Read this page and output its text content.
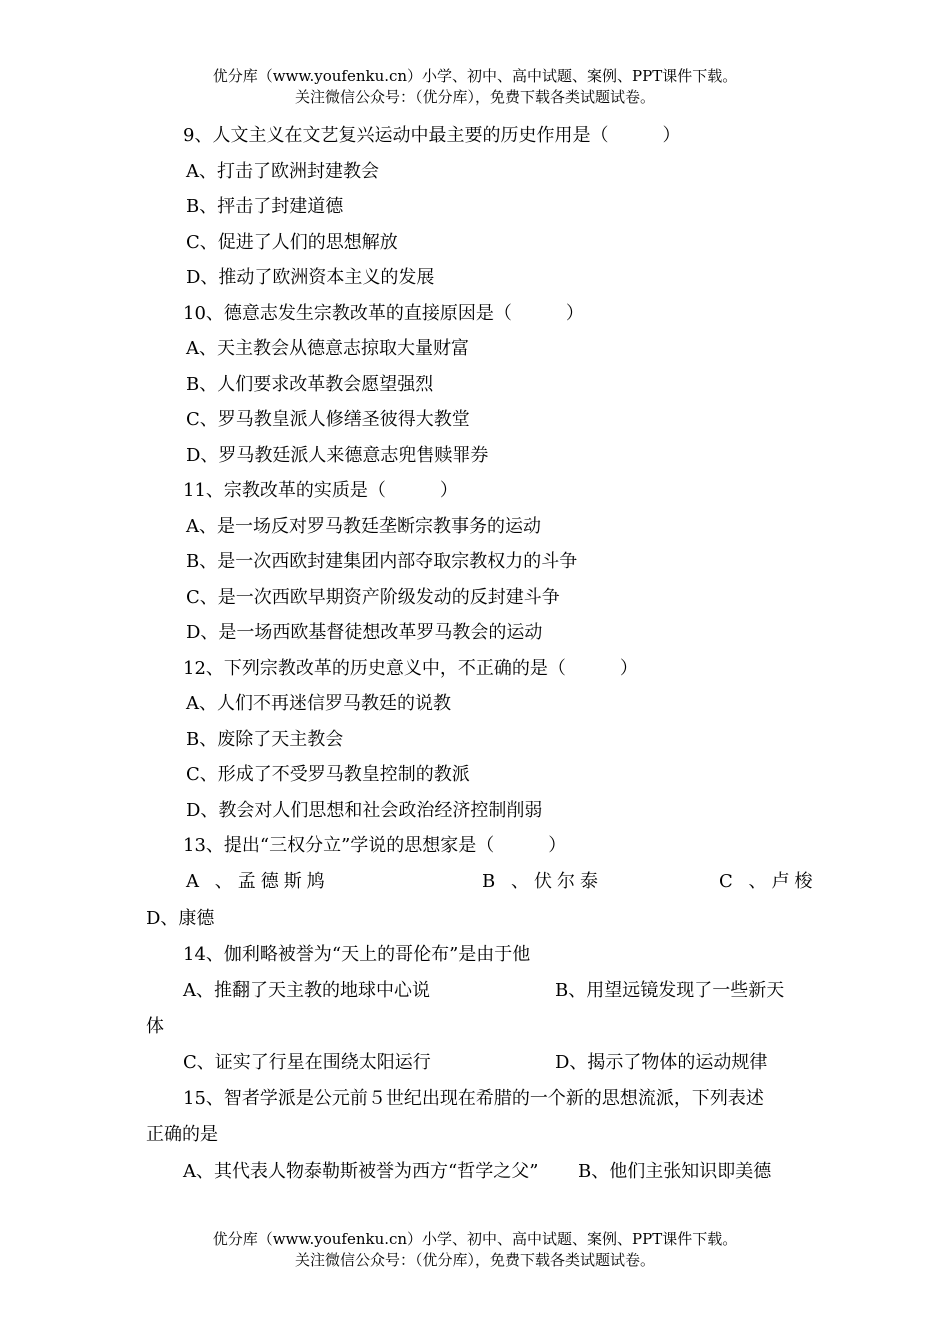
优分库（www.youfenku.cn）小学、初中、高中试题、案例、PPT课件下载。
关注微信公众号：（优分库），免费下载各类试题试卷。
9、人文主义在文艺复兴运动中最主要的历史作用是（　　　）
A、打击了欧洲封建教会
B、抨击了封建道德
C、促进了人们的思想解放
D、推动了欧洲资本主义的发展
10、德意志发生宗教改革的直接原因是（　　　）
A、天主教会从德意志掠取大量财富
B、人们要求改革教会愿望强烈
C、罗马教皇派人修缮圣彼得大教堂
D、罗马教廷派人来德意志兜售赎罪券
11、宗教改革的实质是（　　　）
A、是一场反对罗马教廷垄断宗教事务的运动
B、是一次西欧封建集团内部夺取宗教权力的斗争
C、是一次西欧早期资产阶级发动的反封建斗争
D、是一场西欧基督徒想改革罗马教会的运动
12、下列宗教改革的历史意义中，不正确的是（　　　）
A、人们不再迷信罗马教廷的说教
B、废除了天主教会
C、形成了不受罗马教皇控制的教派
D、教会对人们思想和社会政治经济控制削弱
13、提出“三权分立”学说的思想家是（　　　）
A 、孟德斯鸠	B 、伏尔泰	C 、卢梭
D、康德
14、伽利略被誉为“天上的哥伦布”是由于他
A、推翻了天主教的地球中心说	B、用望远镜发现了一些新天
体
C、证实了行星在围绕太阳运行	D、揭示了物体的运动规律
15、智者学派是公元前５世纪出现在希腊的一个新的思想流派，下列表述
正确的是
A、其代表人物泰勒斯被誉为西方“哲学之父” B、他们主张知识即美德
优分库（www.youfenku.cn）小学、初中、高中试题、案例、PPT课件下载。
关注微信公众号：（优分库），免费下载各类试题试卷。
